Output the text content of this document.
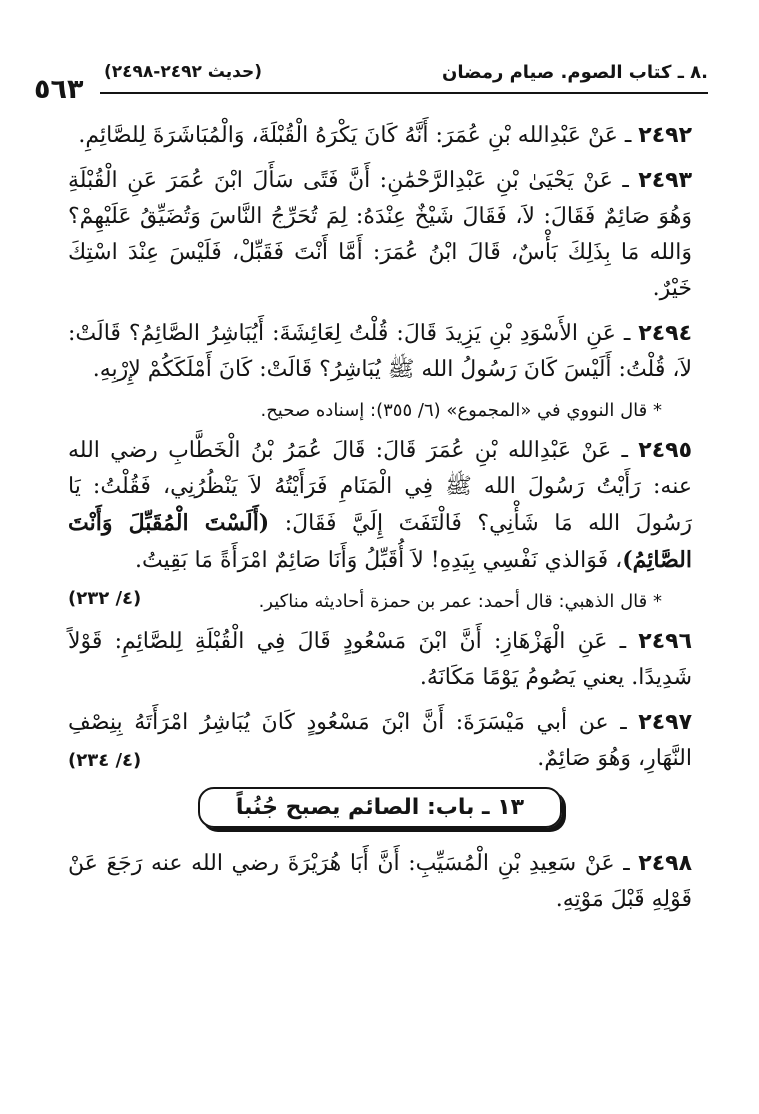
٥٦٣
(حديث ٢٤٩٢-٢٤٩٨)	٨ ـ كتاب الصوم. صيام رمضان.

٢٤٩٢ ـ عَنْ عَبْدِالله بْنِ عُمَرَ: أَنَّهُ كَانَ يَكْرَهُ الْقُبْلَةَ، وَالْمُبَاشَرَةَ لِلصَّائِمِ.

٢٤٩٣ ـ عَنْ يَحْيَىٰ بْنِ عَبْدِالرَّحْمَٰنِ: أَنَّ فَتًى سَأَلَ ابْنَ عُمَرَ عَنِ الْقُبْلَةِ وَهُوَ صَائِمٌ فَقَالَ: لاَ، فَقَالَ شَيْخٌ عِنْدَهُ: لِمَ تُحَرِّجُ النَّاسَ وَتُضَيِّقُ عَلَيْهِمْ؟ وَالله مَا بِذَلِكَ بَأْسٌ، قَالَ ابْنُ عُمَرَ: أَمَّا أَنْتَ فَقَبِّلْ، فَلَيْسَ عِنْدَ اسْتِكَ خَيْرٌ.

٢٤٩٤ ـ عَنِ الأَسْوَدِ بْنِ يَزِيدَ قَالَ: قُلْتُ لِعَائِشَةَ: أَيُبَاشِرُ الصَّائِمُ؟ قَالَتْ: لاَ، قُلْتُ: أَلَيْسَ كَانَ رَسُولُ الله ﷺ يُبَاشِرُ؟ قَالَتْ: كَانَ أَمْلَكَكُمْ لإِرْبِهِ.

* قال النووي في «المجموع» (٦/ ٣٥٥): إسناده صحيح.

٢٤٩٥ ـ عَنْ عَبْدِالله بْنِ عُمَرَ قَالَ: قَالَ عُمَرُ بْنُ الْخَطَّابِ رضي الله عنه: رَأَيْتُ رَسُولَ الله ﷺ فِي الْمَنَامِ فَرَأَيْتُهُ لاَ يَنْظُرُنِي، فَقُلْتُ: يَا رَسُولَ الله مَا شَأْنِي؟ فَالْتَفَتَ إِلَيَّ فَقَالَ: (أَلَسْتَ الْمُقَبِّلَ وَأَنْتَ الصَّائِمُ)، فَوَالذي نَفْسِي بِيَدِهِ! لاَ أُقَبِّلُ وَأَنَا صَائِمٌ امْرَأَةً مَا بَقِيتُ.
(٤/ ٢٣٢)	* قال الذهبي: قال أحمد: عمر بن حمزة أحاديثه مناكير.

٢٤٩٦ ـ عَنِ الْهَزْهَازِ: أَنَّ ابْنَ مَسْعُودٍ قَالَ فِي الْقُبْلَةِ لِلصَّائِمِ: قَوْلاً شَدِيدًا. يعني يَصُومُ يَوْمًا مَكَانَهُ.

٢٤٩٧ ـ عن أبي مَيْسَرَةَ: أَنَّ ابْنَ مَسْعُودٍ كَانَ يُبَاشِرُ امْرَأَتَهُ بِنِصْفِ النَّهَارِ، وَهُوَ صَائِمٌ.
(٤/ ٢٣٤)

١٣ ـ باب: الصائم يصبح جُنُباً

٢٤٩٨ ـ عَنْ سَعِيدِ بْنِ الْمُسَيِّبِ: أَنَّ أَبَا هُرَيْرَةَ رضي الله عنه رَجَعَ عَنْ قَوْلِهِ قَبْلَ مَوْتِهِ.
